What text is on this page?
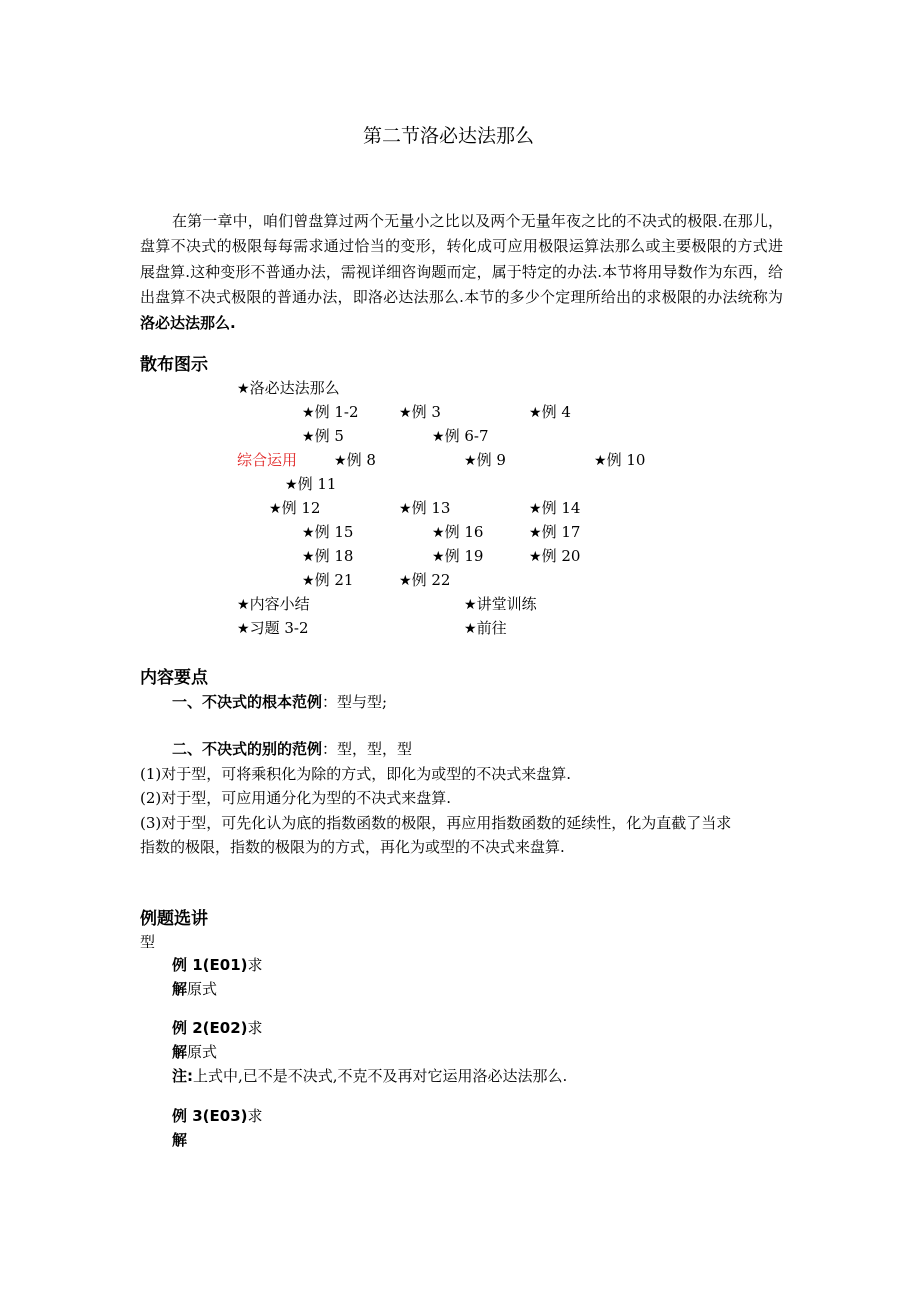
第二节洛必达法那么

在第一章中，咱们曾盘算过两个无量小之比以及两个无量年夜之比的不决式的极限.在那儿，盘算不决式的极限每每需求通过恰当的变形，转化成可应用极限运算法那么或主要极限的方式进展盘算.这种变形不普通办法，需视详细咨询题而定，属于特定的办法.本节将用导数作为东西，给出盘算不决式极限的普通办法，即洛必达法那么.本节的多少个定理所给出的求极限的办法统称为洛必达法那么.

散布图示
★洛必达法那么
★例 1-2	★例 3	★例 4
★例 5	★例 6-7
综合运用	★例 8	★例 9	★例 10
★例 11
★例 12	★例 13	★例 14
★例 15	★例 16	★例 17
★例 18	★例 19	★例 20
★例 21	★例 22
★内容小结	★讲堂训练
★习题 3-2	★前往
内容要点
一、不决式的根本范例：型与型;
二、不决式的别的范例：型，型，型
(1)对于型，可将乘积化为除的方式，即化为或型的不决式来盘算.
(2)对于型，可应用通分化为型的不决式来盘算.
(3)对于型，可先化认为底的指数函数的极限，再应用指数函数的延续性，化为直截了当求
指数的极限，指数的极限为的方式，再化为或型的不决式来盘算.
例题选讲
型
例 1(E01)求
解原式
例 2(E02)求
解原式
注:上式中,已不是不决式,不克不及再对它运用洛必达法那么.
例 3(E03)求
解
